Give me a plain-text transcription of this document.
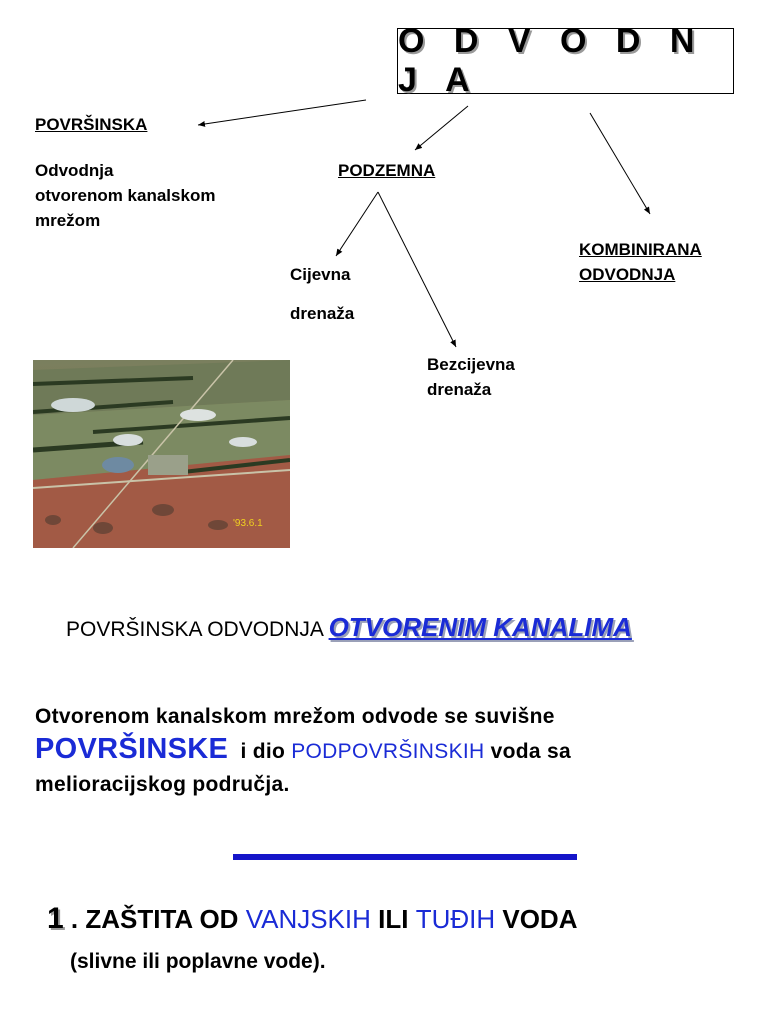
O D V O D N J A
POVRŠINSKA
Odvodnja
otvorenom kanalskom
mrežom
PODZEMNA
Cijevna
drenaža
Bezcijevna
drenaža
KOMBINIRANA
ODVODNJA
'93.6.1
POVRŠINSKA ODVODNJA OTVORENIM KANALIMA
Otvorenom kanalskom mrežom odvode se suvišne
POVRŠINSKE  i dio PODPOVRŠINSKIH voda sa
melioracijskog područja.
1 . ZAŠTITA OD VANJSKIH ILI TUĐIH VODA
(slivne ili poplavne vode).
